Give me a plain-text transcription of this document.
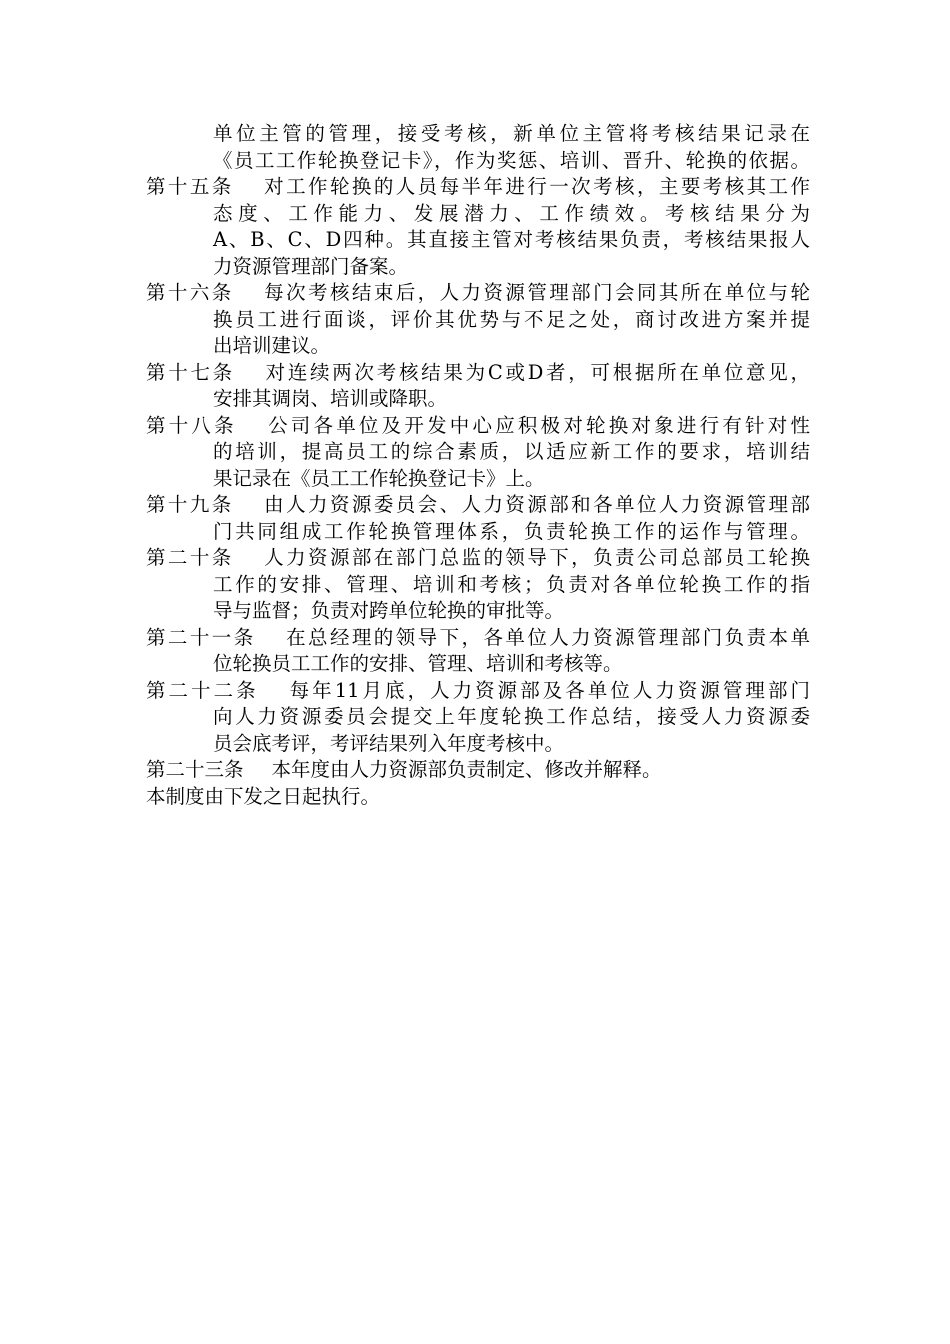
单位主管的管理，接受考核，新单位主管将考核结果记录在
《员工工作轮换登记卡》，作为奖惩、培训、晋升、轮换的依据。
第十五条 对工作轮换的人员每半年进行一次考核，主要考核其工作
态度、工作能力、发展潜力、工作绩效。考核结果分为
A、B、C、D四种。其直接主管对考核结果负责，考核结果报人
力资源管理部门备案。
第十六条 每次考核结束后，人力资源管理部门会同其所在单位与轮
换员工进行面谈，评价其优势与不足之处，商讨改进方案并提
出培训建议。
第十七条 对连续两次考核结果为C或D者，可根据所在单位意见，
安排其调岗、培训或降职。
第十八条 公司各单位及开发中心应积极对轮换对象进行有针对性
的培训，提高员工的综合素质，以适应新工作的要求，培训结
果记录在《员工工作轮换登记卡》上。
第十九条 由人力资源委员会、人力资源部和各单位人力资源管理部
门共同组成工作轮换管理体系，负责轮换工作的运作与管理。
第二十条 人力资源部在部门总监的领导下，负责公司总部员工轮换
工作的安排、管理、培训和考核；负责对各单位轮换工作的指
导与监督；负责对跨单位轮换的审批等。
第二十一条 在总经理的领导下，各单位人力资源管理部门负责本单
位轮换员工工作的安排、管理、培训和考核等。
第二十二条 每年11月底，人力资源部及各单位人力资源管理部门
向人力资源委员会提交上年度轮换工作总结，接受人力资源委
员会底考评，考评结果列入年度考核中。
第二十三条 本年度由人力资源部负责制定、修改并解释。
本制度由下发之日起执行。
